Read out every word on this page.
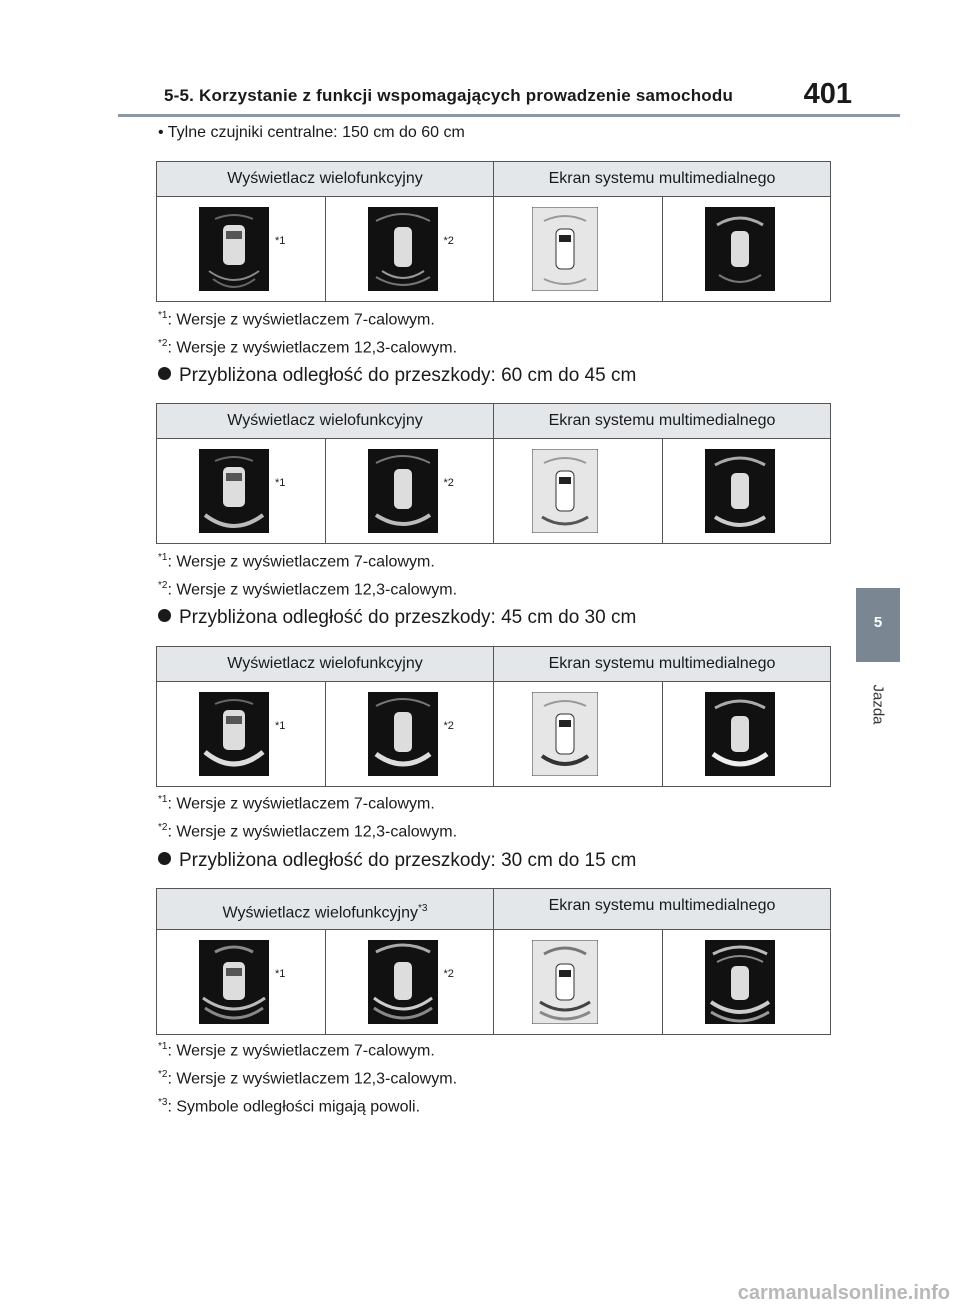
5-5. Korzystanie z funkcji wspomagających prowadzenie samochodu 401
5
Jazda
• Tylne czujniki centralne: 150 cm do 60 cm
Wyświetlacz wielofunkcyjny	Ekran systemu multimedialnego
*1	*2
$^{*1}$: Wersje z wyświetlaczem 7-calowym.
$^{*2}$: Wersje z wyświetlaczem 12,3-calowym.
Przybliżona odległość do przeszkody: 60 cm do 45 cm
Wyświetlacz wielofunkcyjny	Ekran systemu multimedialnego
*1	*2
$^{*1}$: Wersje z wyświetlaczem 7-calowym.
$^{*2}$: Wersje z wyświetlaczem 12,3-calowym.
Przybliżona odległość do przeszkody: 45 cm do 30 cm
Wyświetlacz wielofunkcyjny	Ekran systemu multimedialnego
*1	*2
$^{*1}$: Wersje z wyświetlaczem 7-calowym.
$^{*2}$: Wersje z wyświetlaczem 12,3-calowym.
Przybliżona odległość do przeszkody: 30 cm do 15 cm
Wyświetlacz wielofunkcyjny$^{*3}$	Ekran systemu multimedialnego
*1	*2
$^{*1}$: Wersje z wyświetlaczem 7-calowym.
$^{*2}$: Wersje z wyświetlaczem 12,3-calowym.
$^{*3}$: Symbole odległości migają powoli.
carmanualsonline.info
